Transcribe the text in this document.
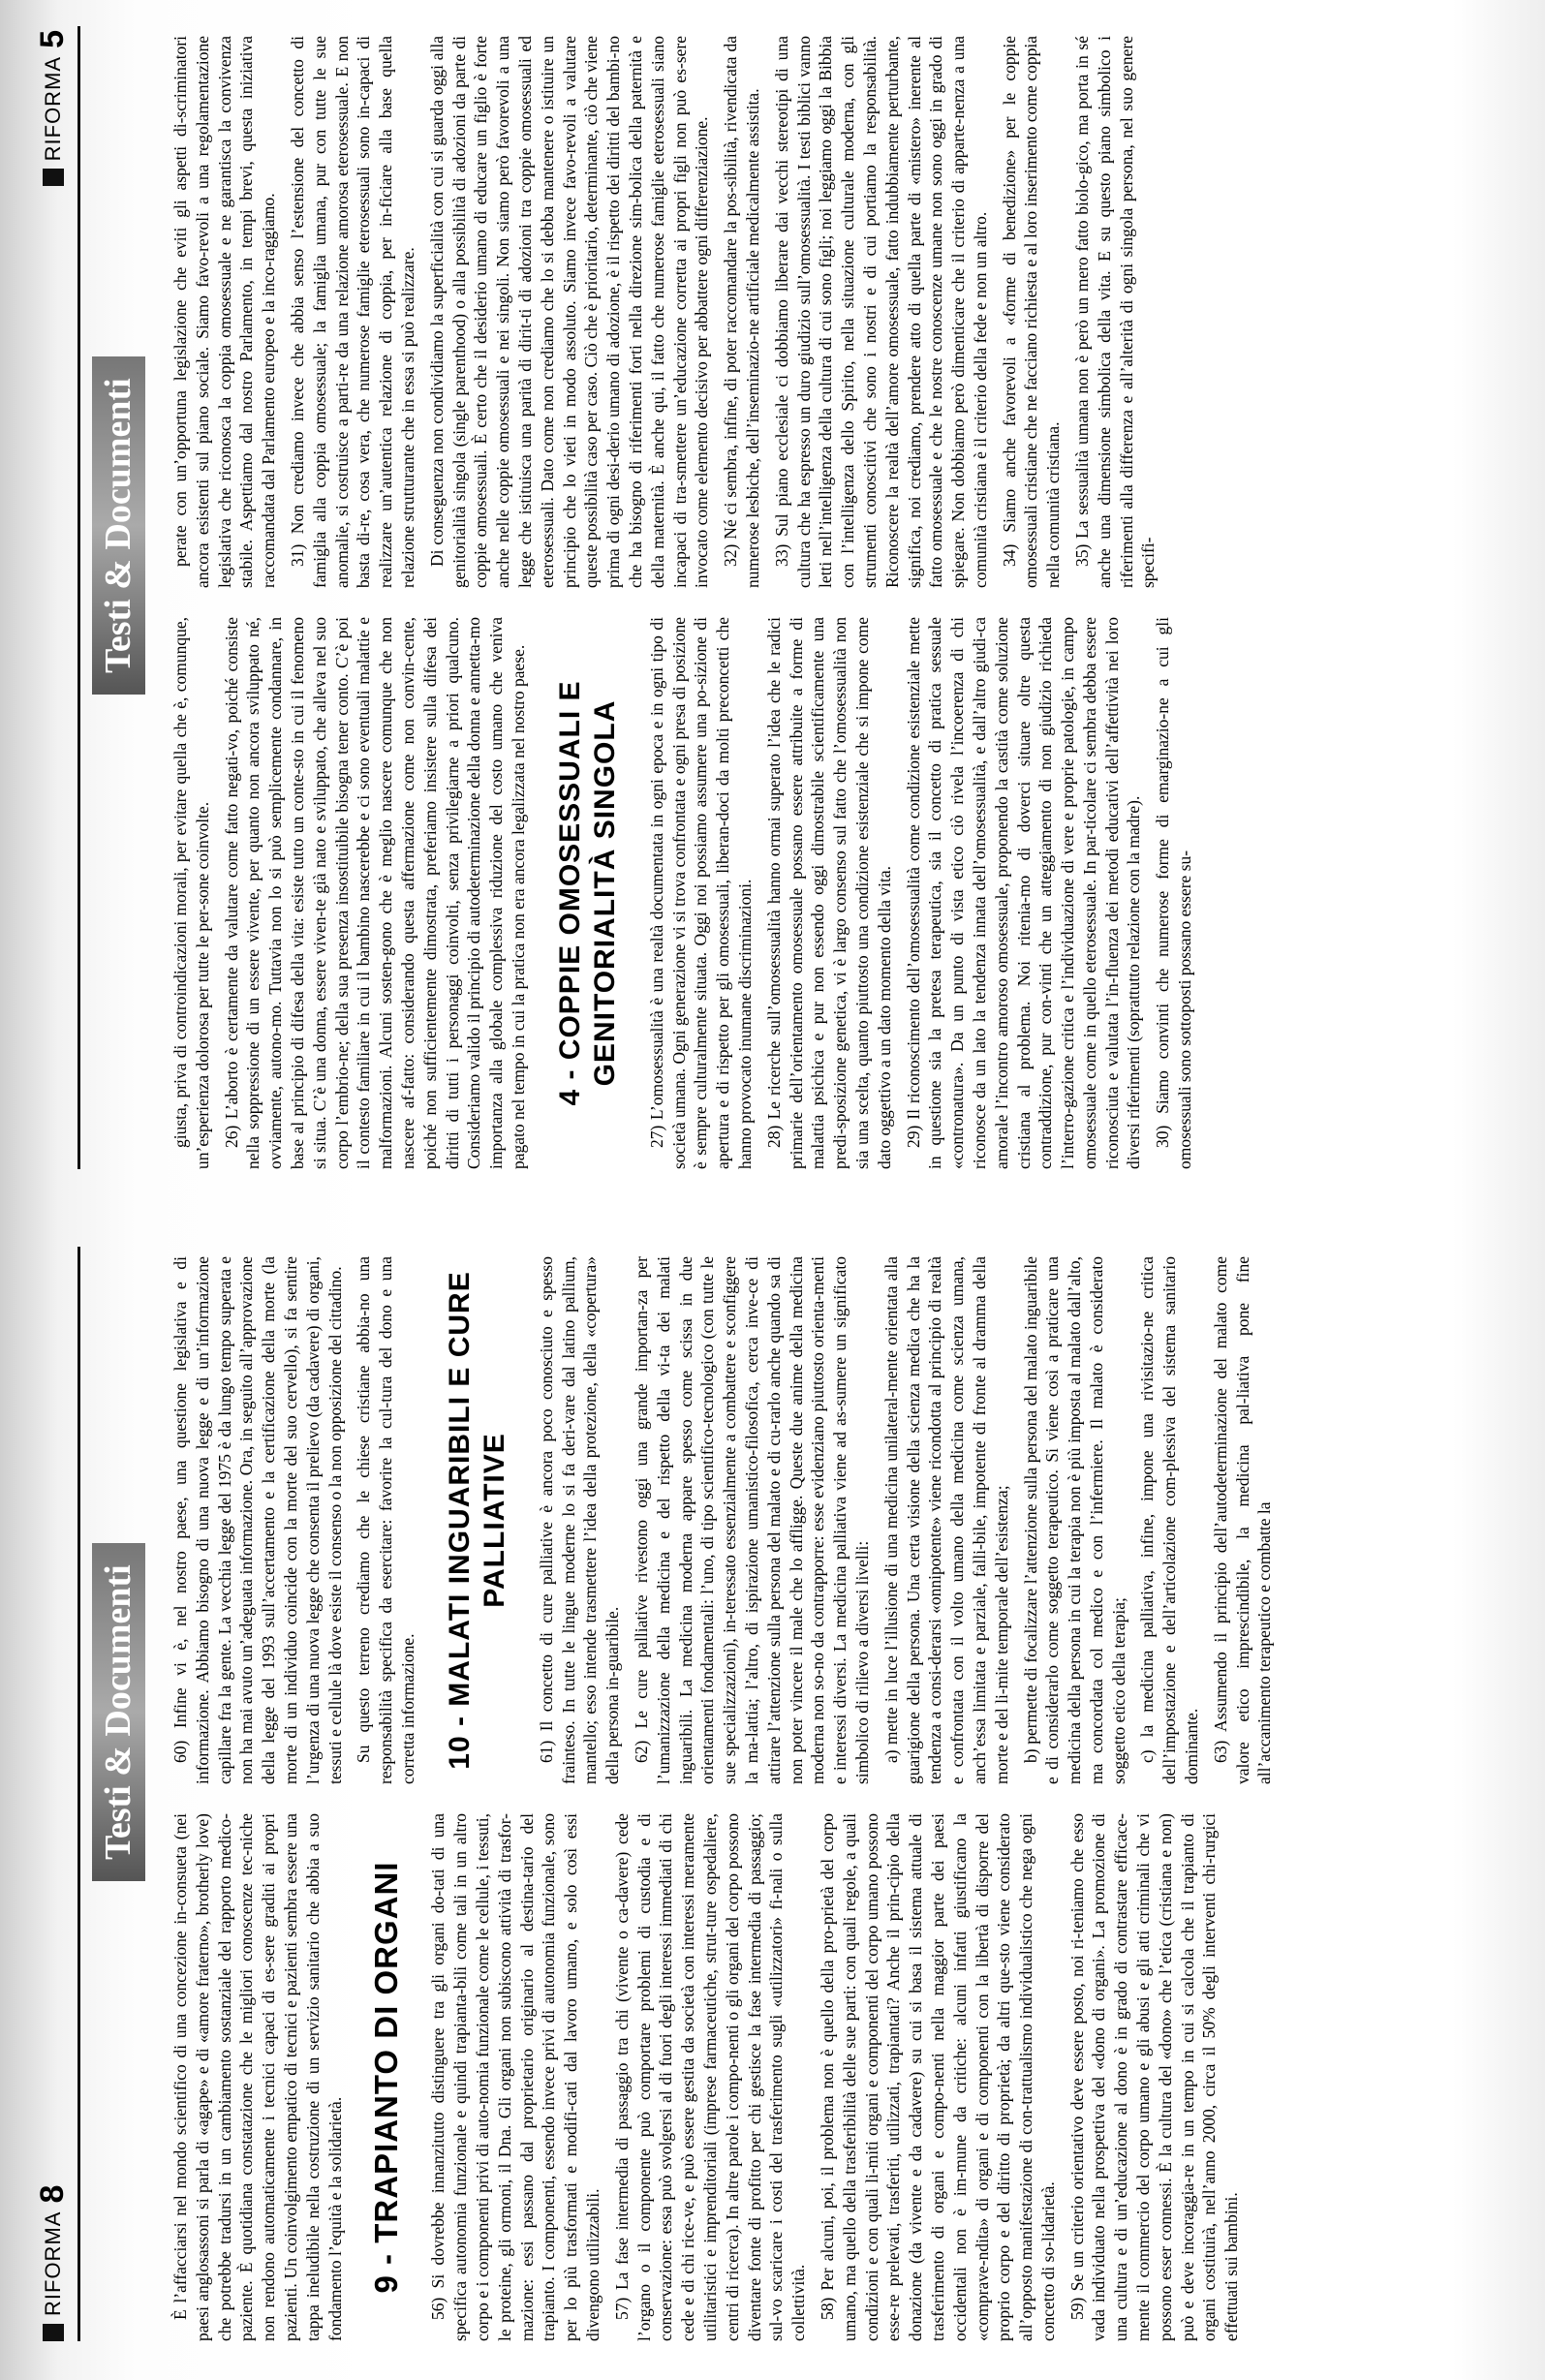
RIFORMA
8
Testi & Documenti

È l’affacciarsi nel mondo scientifico di una concezione in-consueta (nei paesi anglosassoni si parla di «agape» e di «amore fraterno», brotherly love) che potrebbe tradursi in un cambiamento sostanziale del rapporto medico-paziente. È quotidiana constatazione che le migliori conoscenze tec-niche non rendono automaticamente i tecnici capaci di es-sere graditi ai propri pazienti. Un coinvolgimento empatico di tecnici e pazienti sembra essere una tappa ineludibile nella costruzione di un servizio sanitario che abbia a suo fondamento l’equità e la solidarietà. 9 - TRAPIANTO DI ORGANI 56) Si dovrebbe innanzitutto distinguere tra gli organi do-tati di una specifica autonomia funzionale e quindi trapianta-bili come tali in un altro corpo e i componenti privi di auto-nomia funzionale come le cellule, i tessuti, le proteine, gli ormoni, il Dna. Gli organi non subiscono attività di trasfor-mazione: essi passano dal proprietario originario al destina-tario del trapianto. I componenti, essendo invece privi di autonomia funzionale, sono per lo più trasformati e modifi-cati dal lavoro umano, e solo così essi divengono utilizzabili. 57) La fase intermedia di passaggio tra chi (vivente o ca-davere) cede l’organo o il componente può comportare problemi di custodia e di conservazione: essa può svolgersi al di fuori degli interessi immediati di chi cede e di chi rice-ve, e può essere gestita da società con interessi meramente utilitaristici e imprenditoriali (imprese farmaceutiche, strut-ture ospedaliere, centri di ricerca). In altre parole i compo-nenti o gli organi del corpo possono diventare fonte di profitto per chi gestisce la fase intermedia di passaggio; sul-vo scaricare i costi del trasferimento sugli «utilizzatori» fi-nali o sulla collettività. 58) Per alcuni, poi, il problema non è quello della pro-prietà del corpo umano, ma quello della trasferibilità delle sue parti: con quali regole, a quali condizioni e con quali li-miti organi e componenti del corpo umano possono esse-re prelevati, trasferiti, utilizzati, trapiantati? Anche il prin-cipio della donazione (da vivente e da cadavere) su cui si basa il sistema attuale di trasferimento di organi e compo-nenti nella maggior parte dei paesi occidentali non è im-mune da critiche: alcuni infatti giustificano la «comprave-ndita» di organi e di componenti con la libertà di disporre del proprio corpo e del diritto di proprietà; da altri que-sto viene considerato all’opposto manifestazione di con-trattualismo individualistico che nega ogni concetto di so-lidarietà. 59) Se un criterio orientativo deve essere posto, noi ri-teniamo che esso vada individuato nella prospettiva del «dono di organi». La promozione di una cultura e di un’educazione al dono è in grado di contrastare efficace-mente il commercio del corpo umano e gli abusi e gli atti criminali che vi possono esser connessi. È la cultura del «dono» che l’etica (cristiana e non) può e deve incoraggia-re in un tempo in cui si calcola che il trapianto di organi costituirà, nell’anno 2000, circa il 50% degli interventi chi-rurgici effettuati sui bambini.

60) Infine vi è, nel nostro paese, una questione legislativa e di informazione. Abbiamo bisogno di una nuova legge e di un’informazione capillare fra la gente. La vecchia legge del 1975 è da lungo tempo superata e non ha mai avuto un’adeguata informazione. Ora, in seguito all’approvazione della legge del 1993 sull’accertamento e la certificazione della morte (la morte di un individuo coincide con la morte del suo cervello), si fa sentire l’urgenza di una nuova legge che consenta il prelievo (da cadavere) di organi, tessuti e cellule là dove esiste il consenso o la non opposizione del cittadino. Su questo terreno crediamo che le chiese cristiane abbia-no una responsabilità specifica da esercitare: favorire la cul-tura del dono e una corretta informazione. 10 - MALATI INGUARIBILI E CURE PALLIATIVE 61) Il concetto di cure palliative è ancora poco conosciuto e spesso frainteso. In tutte le lingue moderne lo si fa deri-vare dal latino pallium, mantello; esso intende trasmettere l’idea della protezione, della «copertura» della persona in-guaribile. 62) Le cure palliative rivestono oggi una grande importan-za per l’umanizzazione della medicina e del rispetto della vi-ta dei malati inguaribili. La medicina moderna appare spesso come scissa in due orientamenti fondamentali: l’uno, di tipo scientifico-tecnologico (con tutte le sue specializzazioni), in-teressato essenzialmente a combattere e sconfiggere la ma-lattia; l’altro, di ispirazione umanistico-filosofica, cerca inve-ce di attirare l’attenzione sulla persona del malato e di cu-rarlo anche quando sa di non poter vincere il male che lo affligge. Queste due anime della medicina moderna non so-no da contrapporre: esse evidenziano piuttosto orienta-menti e interessi diversi. La medicina palliativa viene ad as-sumere un significato simbolico di rilievo a diversi livelli: a) mette in luce l’illusione di una medicina unilateral-mente orientata alla guarigione della persona. Una certa visione della scienza medica che ha la tendenza a consi-derarsi «onnipotente» viene ricondotta al principio di realtà e confrontata con il volto umano della medicina come scienza umana, anch’essa limitata e parziale, falli-bile, impotente di fronte al dramma della morte e del li-mite temporale dell’esistenza; b) permette di focalizzare l’attenzione sulla persona del malato inguaribile e di considerarlo come soggetto terapeutico. Si viene così a praticare una medicina della persona in cui la terapia non è più imposta al malato dall’alto, ma concordata col medico e con l’infermiere. Il malato è considerato soggetto etico della terapia; c) la medicina palliativa, infine, impone una rivisitazio-ne critica dell’impostazione e dell’articolazione com-plessiva del sistema sanitario dominante. 63) Assumendo il principio dell’autodeterminazione del malato come valore etico imprescindibile, la medicina pal-liativa pone fine all’accanimento terapeutico e combatte la

RIFORMA
5
Testi & Documenti

giusta, priva di controindicazioni morali, per evitare quella che è, comunque, un’esperienza dolorosa per tutte le per-sone coinvolte. 26) L’aborto è certamente da valutare come fatto negati-vo, poiché consiste nella soppressione di un essere vivente, per quanto non ancora sviluppato né, ovviamente, autono-mo. Tuttavia non lo si può semplicemente condannare, in base al principio di difesa della vita: esiste tutto un conte-sto in cui il fenomeno si situa. C’è una donna, essere viven-te già nato e sviluppato, che alleva nel suo corpo l’embrio-ne; della sua presenza insostituibile bisogna tener conto. C’è poi il contesto familiare in cui il bambino nascerebbe e ci sono eventuali malattie e malformazioni. Alcuni sosten-gono che è meglio nascere comunque che non nascere af-fatto: considerando questa affermazione come non convin-cente, poiché non sufficientemente dimostrata, preferiamo insistere sulla difesa dei diritti di tutti i personaggi coinvolti, senza privilegiarne a priori qualcuno. Consideriamo valido il principio di autodeterminazione della donna e annetta-mo importanza alla globale complessiva riduzione del costo umano che veniva pagato nel tempo in cui la pratica non era ancora legalizzata nel nostro paese. 4 - COPPIE OMOSESSUALI E GENITORIALITÀ SINGOLA 27) L’omosessualità è una realtà documentata in ogni epoca e in ogni tipo di società umana. Ogni generazione vi si trova confrontata e ogni presa di posizione è sempre culturalmente situata. Oggi noi possiamo assumere una po-sizione di apertura e di rispetto per gli omosessuali, liberan-doci da molti preconcetti che hanno provocato inumane discriminazioni. 28) Le ricerche sull’omosessualità hanno ormai superato l’idea che le radici primarie dell’orientamento omosessuale possano essere attribuite a forme di malattia psichica e pur non essendo oggi dimostrabile scientificamente una predi-sposizione genetica, vi è largo consenso sul fatto che l’omosessualità non sia una scelta, quanto piuttosto una condizione esistenziale che si impone come dato oggettivo a un dato momento della vita. 29) Il riconoscimento dell’omosessualità come condizione esistenziale mette in questione sia la pretesa terapeutica, sia il concetto di pratica sessuale «contronatura». Da un punto di vista etico ciò rivela l’incoerenza di chi riconosce da un lato la tendenza innata dell’omosessualità, e dall’altro giudi-ca amorale l’incontro amoroso omosessuale, proponendo la castità come soluzione cristiana al problema. Noi ritenia-mo di doverci situare oltre questa contraddizione, pur con-vinti che un atteggiamento di non giudizio richieda l’interro-gazione critica e l’individuazione di vere e proprie patologie, in campo omosessuale come in quello eterosessuale. In par-ticolare ci sembra debba essere riconosciuta e valutata l’in-fluenza dei metodi educativi dell’affettività nei loro diversi riferimenti (soprattutto relazione con la madre). 30) Siamo convinti che numerose forme di emarginazio-ne a cui gli omosessuali sono sottoposti possano essere su-

perate con un’opportuna legislazione che eviti gli aspetti di-scriminatori ancora esistenti sul piano sociale. Siamo favo-revoli a una regolamentazione legislativa che riconosca la coppia omosessuale e ne garantisca la convivenza stabile. Aspettiamo dal nostro Parlamento, in tempi brevi, questa iniziativa raccomandata dal Parlamento europeo e la inco-raggiamo. 31) Non crediamo invece che abbia senso l’estensione del concetto di famiglia alla coppia omosessuale; la famiglia umana, pur con tutte le sue anomalie, si costruisce a parti-re da una relazione amorosa eterosessuale. E non basta di-re, cosa vera, che numerose famiglie eterosessuali sono in-capaci di realizzare un’autentica relazione di coppia, per in-ficiare alla base quella relazione strutturante che in essa si può realizzare. Di conseguenza non condividiamo la superficialità con cui si guarda oggi alla genitorialità singola (single parenthood) o alla possibilità di adozioni da parte di coppie omosessuali. È certo che il desiderio umano di educare un figlio è forte anche nelle coppie omosessuali e nei singoli. Non siamo però favorevoli a una legge che istituisca una parità di dirit-ti di adozioni tra coppie omosessuali ed eterosessuali. Dato come non crediamo che lo si debba mantenere o istituire un principio che lo vieti in modo assoluto. Siamo invece favo-revoli a valutare queste possibilità caso per caso. Ciò che è prioritario, determinante, ciò che viene prima di ogni desi-derio umano di adozione, è il rispetto dei diritti del bambi-no che ha bisogno di riferimenti forti nella direzione sim-bolica della paternità e della maternità. È anche qui, il fatto che numerose famiglie eterosessuali siano incapaci di tra-smettere un’educazione corretta ai propri figli non può es-sere invocato come elemento decisivo per abbattere ogni differenziazione. 32) Né ci sembra, infine, di poter raccomandare la pos-sibilità, rivendicata da numerose lesbiche, dell’inseminazio-ne artificiale medicalmente assistita. 33) Sul piano ecclesiale ci dobbiamo liberare dai vecchi stereotipi di una cultura che ha espresso un duro giudizio sull’omosessualità. I testi biblici vanno letti nell’intelligenza della cultura di cui sono figli; noi leggiamo oggi la Bibbia con l’intelligenza dello Spirito, nella situazione culturale moderna, con gli strumenti conoscitivi che sono i nostri e di cui portiamo la responsabilità. Riconoscere la realtà dell’amore omosessuale, fatto indubbiamente perturbante, significa, noi crediamo, prendere atto di quella parte di «mistero» inerente al fatto omosessuale e che le nostre conoscenze umane non sono oggi in grado di spiegare. Non dobbiamo però dimenticare che il criterio di apparte-nenza a una comunità cristiana è il criterio della fede e non un altro. 34) Siamo anche favorevoli a «forme di benedizione» per le coppie omosessuali cristiane che ne facciano richiesta e al loro inserimento come coppia nella comunità cristiana. 35) La sessualità umana non è però un mero fatto biolo-gico, ma porta in sé anche una dimensione simbolica della vita. E su questo piano simbolico i riferimenti alla differenza e all’alterità di ogni singola persona, nel suo genere specifi-
